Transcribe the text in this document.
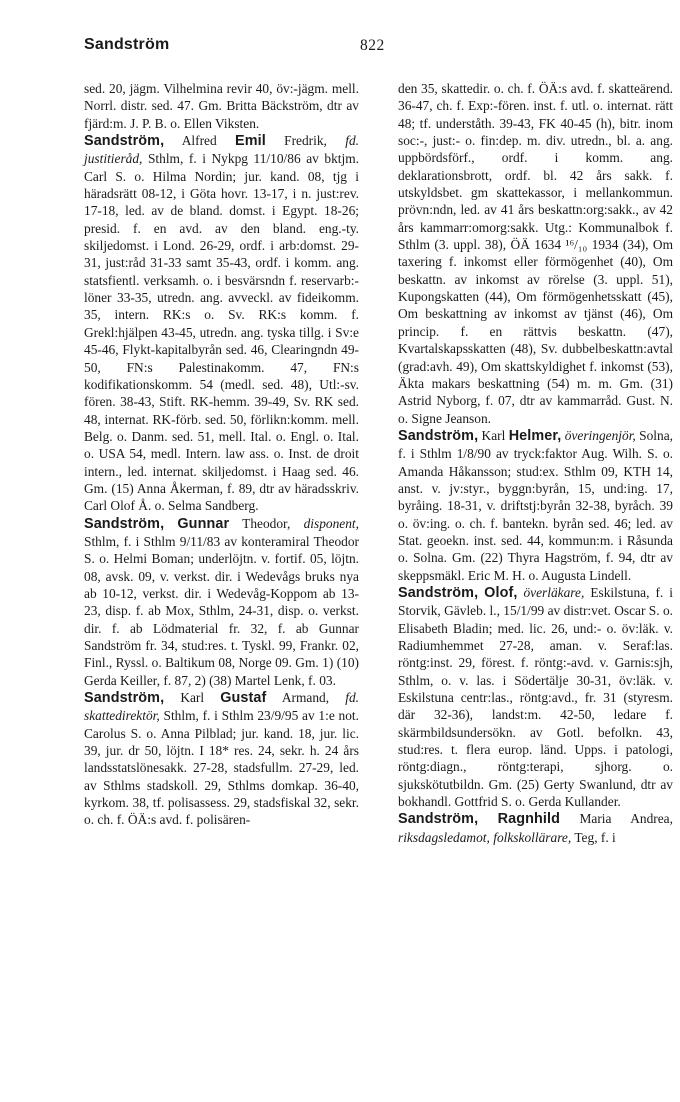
Sandström	822

sed. 20, jägm. Vilhelmina revir 40, öv:-jägm. mell. Norrl. distr. sed. 47. Gm. Britta Bäckström, dtr av fjärd:m. J. P. B. o. Ellen Viksten.

Sandström, Alfred Emil Fredrik, fd. justitieråd, Sthlm, f. i Nykpg 11/10/86 av bktjm. Carl S. o. Hilma Nordin; jur. kand. 08, tjg i häradsrätt 08-12, i Göta hovr. 13-17, i n. just:rev. 17-18, led. av de bland. domst. i Egypt. 18-26; presid. f. en avd. av den bland. eng.-ty. skiljedomst. i Lond. 26-29, ordf. i arb:domst. 29-31, just:råd 31-33 samt 35-43, ordf. i komm. ang. statsfientl. verksamh. o. i besvärsndn f. reservarb:-löner 33-35, utredn. ang. avveckl. av fideikomm. 35, intern. RK:s o. Sv. RK:s komm. f. Grekl:hjälpen 43-45, utredn. ang. tyska tillg. i Sv:e 45-46, Flykt-kapitalbyrån sed. 46, Clearingndn 49-50, FN:s Palestinakomm. 47, FN:s kodifikationskomm. 54 (medl. sed. 48), Utl:-sv. fören. 38-43, Stift. RK-hemm. 39-49, Sv. RK sed. 48, internat. RK-förb. sed. 50, förlikn:komm. mell. Belg. o. Danm. sed. 51, mell. Ital. o. Engl. o. Ital. o. USA 54, medl. Intern. law ass. o. Inst. de droit intern., led. internat. skiljedomst. i Haag sed. 46. Gm. (15) Anna Åkerman, f. 89, dtr av häradsskriv. Carl Olof Å. o. Selma Sandberg.

Sandström, Gunnar Theodor, disponent, Sthlm, f. i Sthlm 9/11/83 av konteramiral Theodor S. o. Helmi Boman; underlöjtn. v. fortif. 05, löjtn. 08, avsk. 09, v. verkst. dir. i Wedevågs bruks nya ab 10-12, verkst. dir. i Wedevåg-Koppom ab 13-23, disp. f. ab Mox, Sthlm, 24-31, disp. o. verkst. dir. f. ab Lödmaterial fr. 32, f. ab Gunnar Sandström fr. 34, stud:res. t. Tyskl. 99, Frankr. 02, Finl., Ryssl. o. Baltikum 08, Norge 09. Gm. 1) (10) Gerda Keiller, f. 87, 2) (38) Martel Lenk, f. 03.

Sandström, Karl Gustaf Armand, fd. skattedirektör, Sthlm, f. i Sthlm 23/9/95 av 1:e not. Carolus S. o. Anna Pilblad; jur. kand. 18, jur. lic. 39, jur. dr 50, löjtn. I 18* res. 24, sekr. h. 24 års landsstatslönesakk. 27-28, stadsfullm. 27-29, led. av Sthlms stadskoll. 29, Sthlms domkap. 36-40, kyrkom. 38, tf. polisassess. 29, stadsfiskal 32, sekr. o. ch. f. ÖÄ:s avd. f. polisären-

den 35, skattedir. o. ch. f. ÖÄ:s avd. f. skatteärend. 36-47, ch. f. Exp:-fören. inst. f. utl. o. internat. rätt 48; tf. underståth. 39-43, FK 40-45 (h), bitr. inom soc:-, just:- o. fin:dep. m. div. utredn., bl. a. ang. uppbördsförf., ordf. i komm. ang. deklarationsbrott, ordf. bl. 42 års sakk. f. utskyldsbet. gm skattekassor, i mellankommun. prövn:ndn, led. av 41 års beskattn:org:sakk., av 42 års kammarr:omorg:sakk. Utg.: Kommunalbok f. Sthlm (3. uppl. 38), ÖÄ 1634 ¹⁶/₁₀ 1934 (34), Om taxering f. inkomst eller förmögenhet (40), Om beskattn. av inkomst av rörelse (3. uppl. 51), Kupongskatten (44), Om förmögenhetsskatt (45), Om beskattning av inkomst av tjänst (46), Om princip. f. en rättvis beskattn. (47), Kvartalskapsskatten (48), Sv. dubbelbeskattn:avtal (grad:avh. 49), Om skattskyldighet f. inkomst (53), Äkta makars beskattning (54) m. m. Gm. (31) Astrid Nyborg, f. 07, dtr av kammarråd. Gust. N. o. Signe Jeanson.

Sandström, Karl Helmer, överingenjör, Solna, f. i Sthlm 1/8/90 av tryck:faktor Aug. Wilh. S. o. Amanda Håkansson; stud:ex. Sthlm 09, KTH 14, anst. v. jv:styr., byggn:byrån, 15, und:ing. 17, byråing. 18-31, v. driftstj:byrån 32-38, byråch. 39 o. öv:ing. o. ch. f. bantekn. byrån sed. 46; led. av Stat. geoekn. inst. sed. 44, kommun:m. i Råsunda o. Solna. Gm. (22) Thyra Hagström, f. 94, dtr av skeppsmäkl. Eric M. H. o. Augusta Lindell.

Sandström, Olof, överläkare, Eskilstuna, f. i Storvik, Gävleb. l., 15/1/99 av distr:vet. Oscar S. o. Elisabeth Bladin; med. lic. 26, und:- o. öv:läk. v. Radiumhemmet 27-28, aman. v. Seraf:las. röntg:inst. 29, förest. f. röntg:-avd. v. Garnis:sjh, Sthlm, o. v. las. i Södertälje 30-31, öv:läk. v. Eskilstuna centr:las., röntg:avd., fr. 31 (styresm. där 32-36), landst:m. 42-50, ledare f. skärmbildsundersökn. av Gotl. befolkn. 43, stud:res. t. flera europ. länd. Upps. i patologi, röntg:diagn., röntg:terapi, sjhorg. o. sjukskötutbildn. Gm. (25) Gerty Swanlund, dtr av bokhandl. Gottfrid S. o. Gerda Kullander.

Sandström, Ragnhild Maria Andrea, riksdagsledamot, folkskollärare, Teg, f. i
